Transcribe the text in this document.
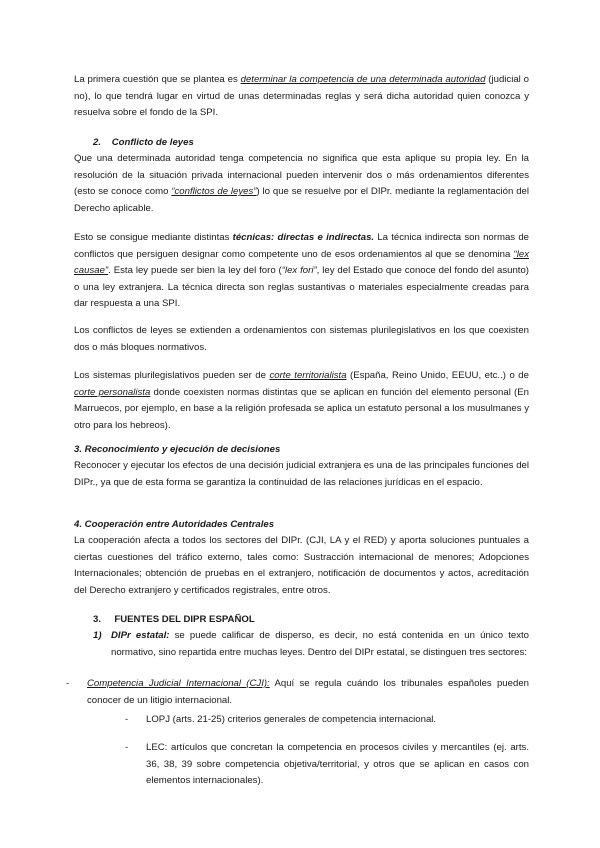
La primera cuestión que se plantea es determinar la competencia de una determinada autoridad (judicial o no), lo que tendrá lugar en virtud de unas determinadas reglas y será dicha autoridad quien conozca y resuelva sobre el fondo de la SPI.

2. Conflicto de leyes

Que una determinada autoridad tenga competencia no significa que esta aplique su propia ley. En la resolución de la situación privada internacional pueden intervenir dos o más ordenamientos diferentes (esto se conoce como “conflictos de leyes”) lo que se resuelve por el DIPr. mediante la reglamentación del Derecho aplicable.

Esto se consigue mediante distintas técnicas: directas e indirectas. La técnica indirecta son normas de conflictos que persiguen designar como competente uno de esos ordenamientos al que se denomina “lex causae”. Esta ley puede ser bien la ley del foro (“lex fori”, ley del Estado que conoce del fondo del asunto) o una ley extranjera. La técnica directa son reglas sustantivas o materiales especialmente creadas para dar respuesta a una SPI.

Los conflictos de leyes se extienden a ordenamientos con sistemas plurilegislativos en los que coexisten dos o más bloques normativos.

Los sistemas plurilegislativos pueden ser de corte territorialista (España, Reino Unido, EEUU, etc..) o de corte personalista donde coexisten normas distintas que se aplican en función del elemento personal (En Marruecos, por ejemplo, en base a la religión profesada se aplica un estatuto personal a los musulmanes y otro para los hebreos).

3. Reconocimiento y ejecución de decisiones

Reconocer y ejecutar los efectos de una decisión judicial extranjera es una de las principales funciones del DIPr., ya que de esta forma se garantiza la continuidad de las relaciones jurídicas en el espacio.

4. Cooperación entre Autoridades Centrales

La cooperación afecta a todos los sectores del DIPr. (CJI, LA y el RED) y aporta soluciones puntuales a ciertas cuestiones del tráfico externo, tales como: Sustracción internacional de menores; Adopciones Internacionales; obtención de pruebas en el extranjero, notificación de documentos y actos, acreditación del Derecho extranjero y certificados registrales, entre otros.

3. FUENTES DEL DIPR ESPAÑOL

1) DIPr estatal: se puede calificar de disperso, es decir, no está contenida en un único texto normativo, sino repartida entre muchas leyes. Dentro del DIPr estatal, se distinguen tres sectores:

- Competencia Judicial Internacional (CJI): Aquí se regula cuándo los tribunales españoles pueden conocer de un litigio internacional.

- LOPJ (arts. 21-25) criterios generales de competencia internacional.

- LEC: artículos que concretan la competencia en procesos civiles y mercantiles (ej. arts. 36, 38, 39 sobre competencia objetiva/territorial, y otros que se aplican en casos con elementos internacionales).
